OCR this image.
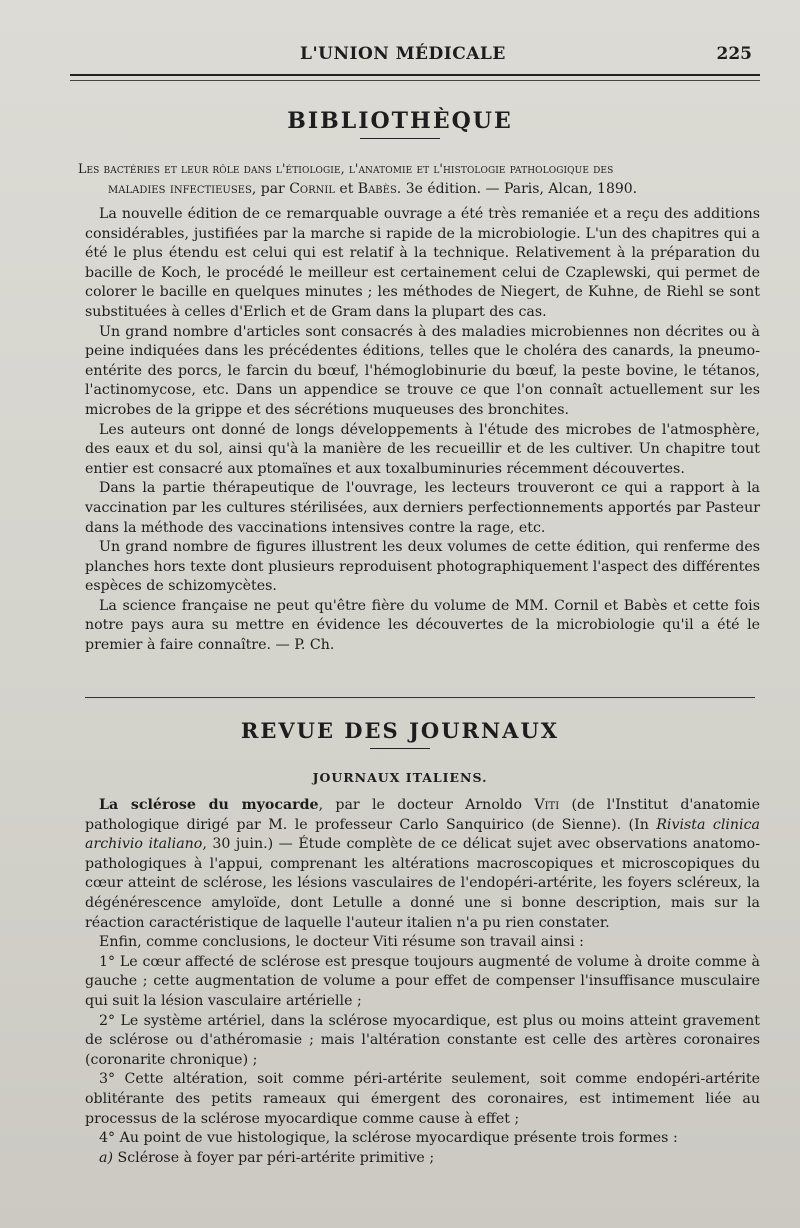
L'UNION MÉDICALE	225
BIBLIOTHÈQUE

Les bactéries et leur rôle dans l'étiologie, l'anatomie et l'histologie pathologique des

maladies infectieuses, par Cornil et Babès. 3e édition. — Paris, Alcan, 1890.

La nouvelle édition de ce remarquable ouvrage a été très remaniée et a reçu des additions considérables, justifiées par la marche si rapide de la microbiologie. L'un des chapitres qui a été le plus étendu est celui qui est relatif à la technique. Relativement à la préparation du bacille de Koch, le procédé le meilleur est certainement celui de Czaplewski, qui permet de colorer le bacille en quelques minutes ; les méthodes de Niegert, de Kuhne, de Riehl se sont substituées à celles d'Erlich et de Gram dans la plupart des cas.

Un grand nombre d'articles sont consacrés à des maladies microbiennes non décrites ou à peine indiquées dans les précédentes éditions, telles que le choléra des canards, la pneumo-entérite des porcs, le farcin du bœuf, l'hémoglobinurie du bœuf, la peste bovine, le tétanos, l'actinomycose, etc. Dans un appendice se trouve ce que l'on connaît actuellement sur les microbes de la grippe et des sécrétions muqueuses des bronchites.

Les auteurs ont donné de longs développements à l'étude des microbes de l'atmosphère, des eaux et du sol, ainsi qu'à la manière de les recueillir et de les cultiver. Un chapitre tout entier est consacré aux ptomaïnes et aux toxalbuminuries récemment découvertes.

Dans la partie thérapeutique de l'ouvrage, les lecteurs trouveront ce qui a rapport à la vaccination par les cultures stérilisées, aux derniers perfectionnements apportés par Pasteur dans la méthode des vaccinations intensives contre la rage, etc.

Un grand nombre de figures illustrent les deux volumes de cette édition, qui renferme des planches hors texte dont plusieurs reproduisent photographiquement l'aspect des différentes espèces de schizomycètes.

La science française ne peut qu'être fière du volume de MM. Cornil et Babès et cette fois notre pays aura su mettre en évidence les découvertes de la microbiologie qu'il a été le premier à faire connaître. — P. Ch.

REVUE DES JOURNAUX
JOURNAUX ITALIENS.

La sclérose du myocarde, par le docteur Arnoldo Viti (de l'Institut d'anatomie pathologique dirigé par M. le professeur Carlo Sanquirico (de Sienne). (In Rivista clinica archivio italiano, 30 juin.) — Étude complète de ce délicat sujet avec observations anatomo-pathologiques à l'appui, comprenant les altérations macroscopiques et microscopiques du cœur atteint de sclérose, les lésions vasculaires de l'endopéri-artérite, les foyers scléreux, la dégénérescence amyloïde, dont Letulle a donné une si bonne description, mais sur la réaction caractéristique de laquelle l'auteur italien n'a pu rien constater.

Enfin, comme conclusions, le docteur Viti résume son travail ainsi :

1° Le cœur affecté de sclérose est presque toujours augmenté de volume à droite comme à gauche ; cette augmentation de volume a pour effet de compenser l'insuffisance musculaire qui suit la lésion vasculaire artérielle ;

2° Le système artériel, dans la sclérose myocardique, est plus ou moins atteint gravement de sclérose ou d'athéromasie ; mais l'altération constante est celle des artères coronaires (coronarite chronique) ;

3° Cette altération, soit comme péri-artérite seulement, soit comme endopéri-artérite oblitérante des petits rameaux qui émergent des coronaires, est intimement liée au processus de la sclérose myocardique comme cause à effet ;

4° Au point de vue histologique, la sclérose myocardique présente trois formes :

a) Sclérose à foyer par péri-artérite primitive ;
